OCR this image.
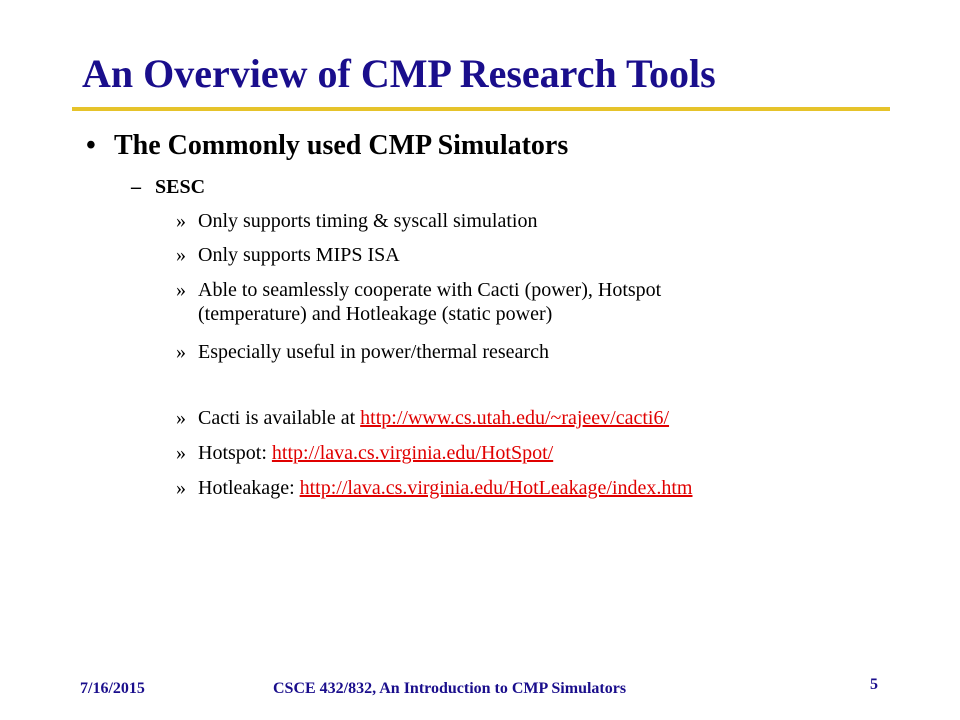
An Overview of CMP Research Tools
• The Commonly used CMP Simulators
– SESC
» Only supports timing & syscall simulation
» Only supports MIPS ISA
» Able to seamlessly cooperate with Cacti (power), Hotspot
(temperature) and Hotleakage (static power)
» Especially useful in power/thermal research
» Cacti is available at http://www.cs.utah.edu/~rajeev/cacti6/
» Hotspot: http://lava.cs.virginia.edu/HotSpot/
» Hotleakage: http://lava.cs.virginia.edu/HotLeakage/index.htm
7/16/2015	CSCE 432/832, An Introduction to CMP Simulators	5
